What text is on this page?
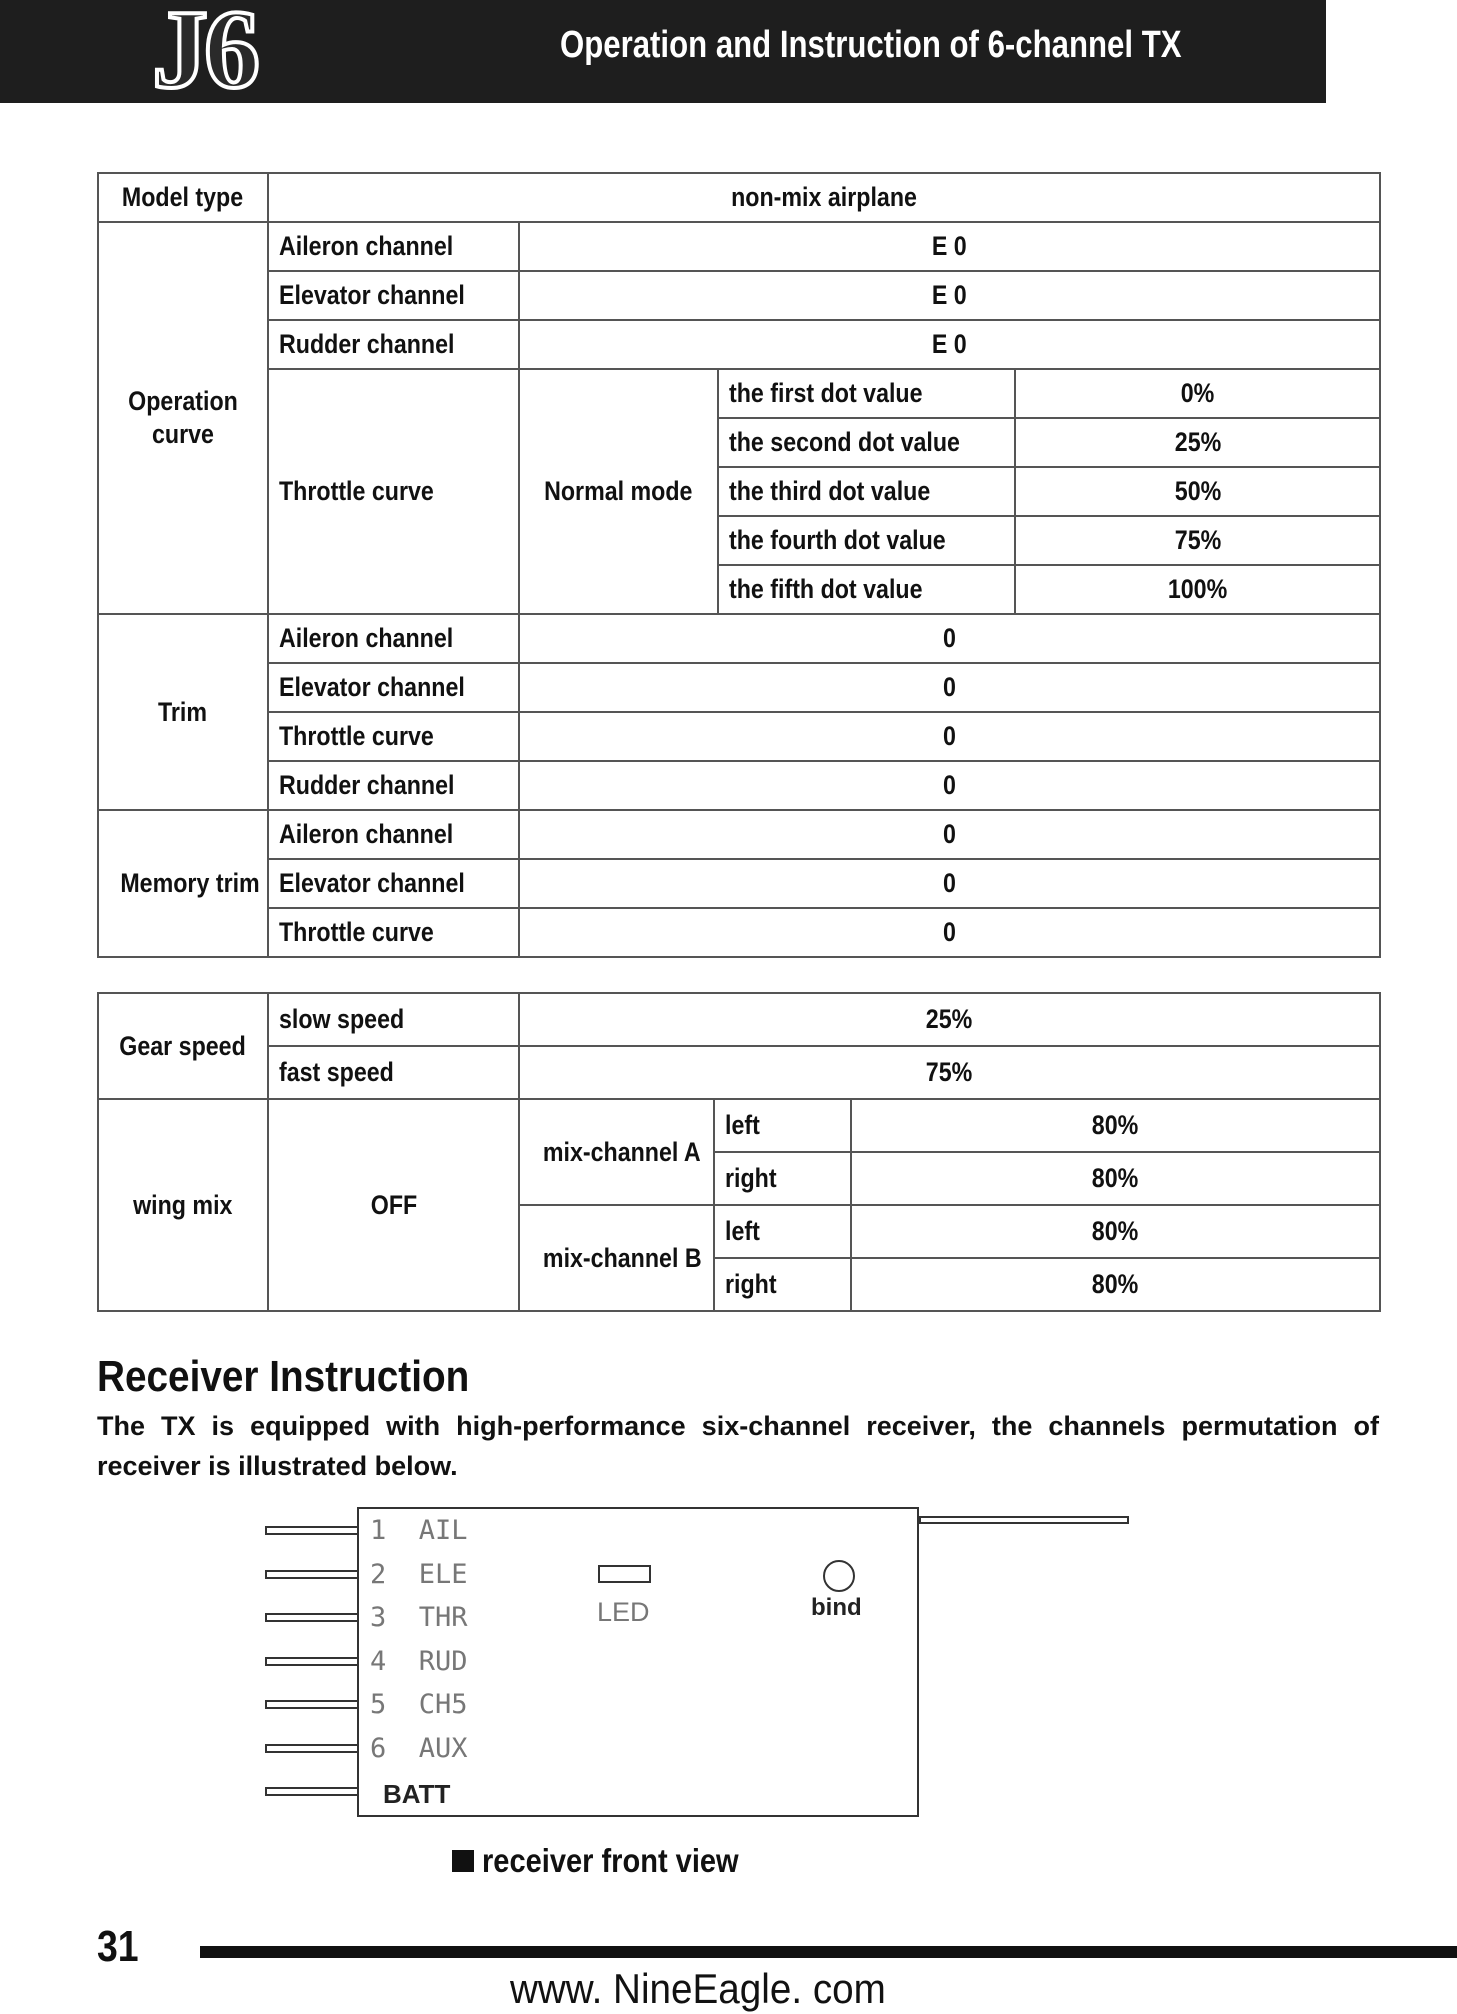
J6	Operation and Instruction of 6-channel TX
Model type	non-mix airplane			
Operation curve	Aileron channel	E 0		
	Elevator channel	E 0		
	Rudder channel	E 0		
	Throttle curve	Normal mode	the first dot value	0%
			the second dot value	25%
			the third dot value	50%
			the fourth dot value	75%
			the fifth dot value	100%
Trim	Aileron channel	0		
	Elevator channel	0		
	Throttle curve	0		
	Rudder channel	0		
Memory trim	Aileron channel	0		
	Elevator channel	0		
	Throttle curve	0		
Gear speed	slow speed	25%		
	fast speed	75%		
wing mix	OFF	mix-channel A	left	80%
			right	80%
		mix-channel B	left	80%
			right	80%
Receiver Instruction
The TX is equipped with high-performance six-channel receiver, the channels permutation of receiver is illustrated below.
1  AIL
2  ELE
3  THR
4  RUD
5  CH5
6  AUX
BATT
LED	bind
receiver front view
31
www. NineEagle. com
